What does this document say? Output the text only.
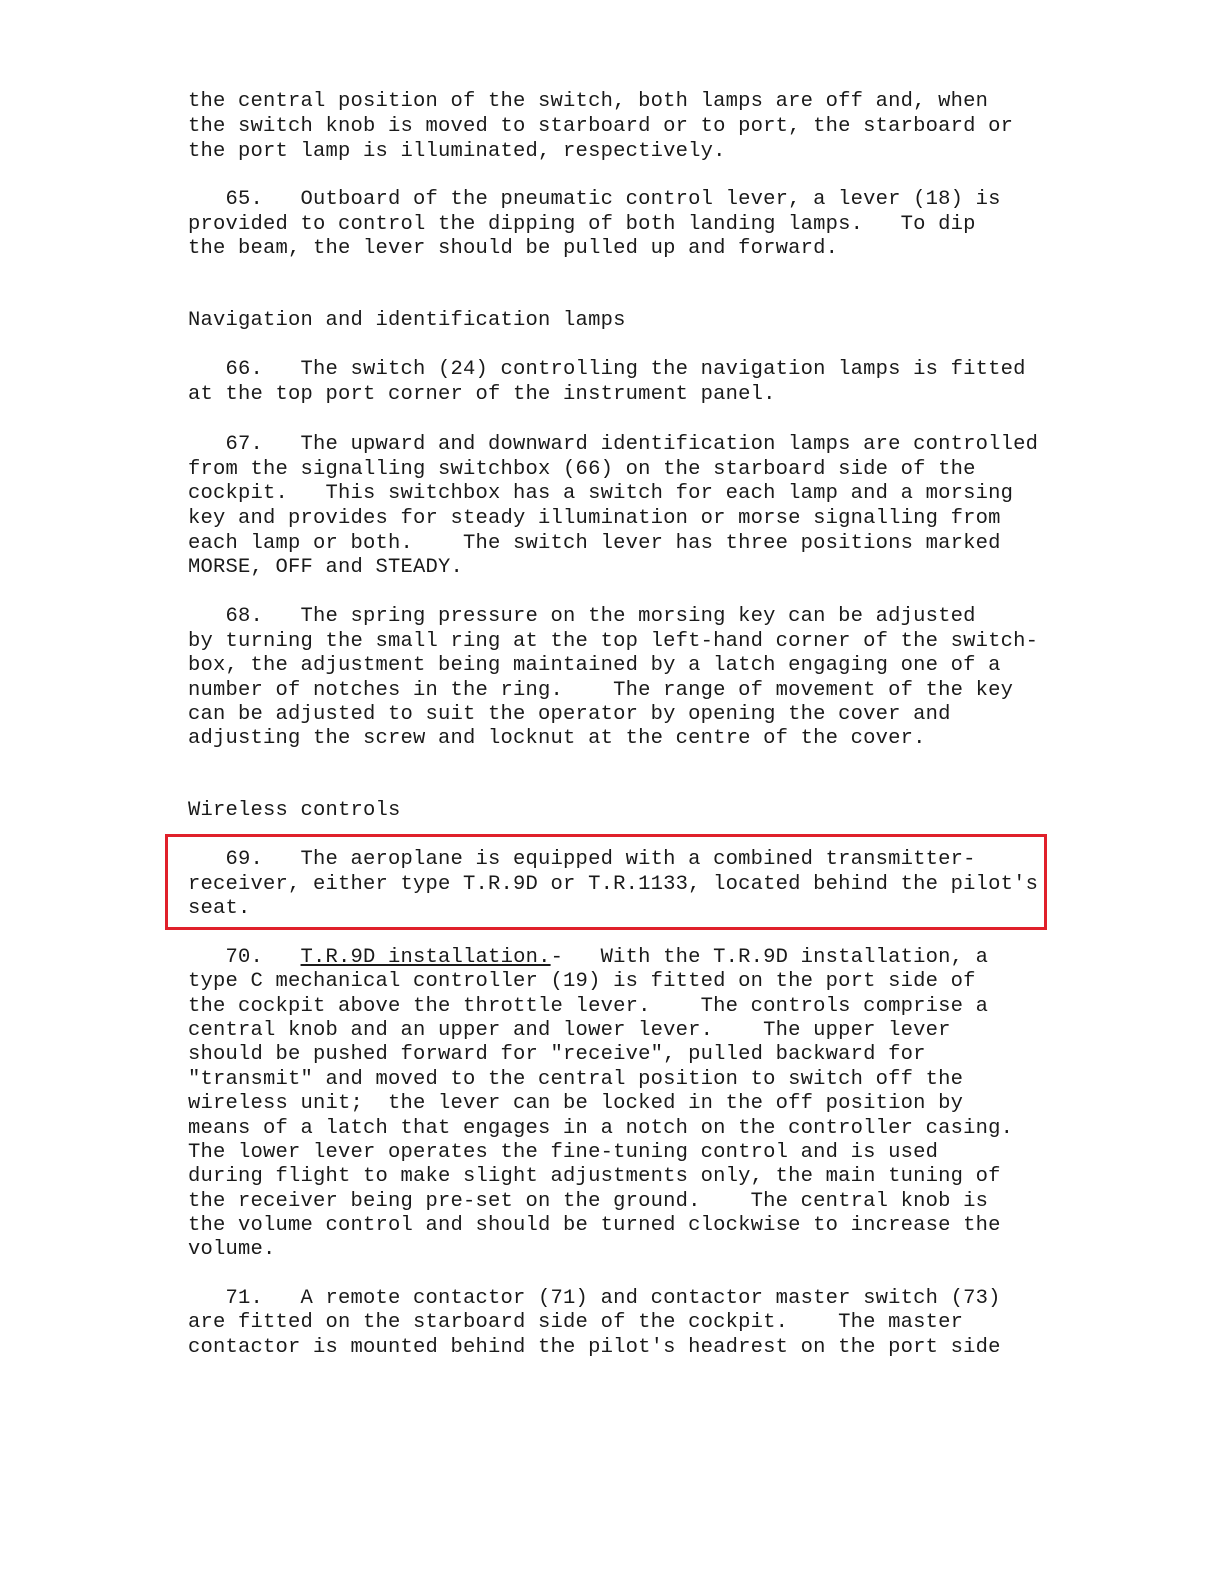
the central position of the switch, both lamps are off and, when
the switch knob is moved to starboard or to port, the starboard or
the port lamp is illuminated, respectively.
65.   Outboard of the pneumatic control lever, a lever (18) is
provided to control the dipping of both landing lamps.   To dip
the beam, the lever should be pulled up and forward.
Navigation and identification lamps
66.   The switch (24) controlling the navigation lamps is fitted
at the top port corner of the instrument panel.
67.   The upward and downward identification lamps are controlled
from the signalling switchbox (66) on the starboard side of the
cockpit.   This switchbox has a switch for each lamp and a morsing
key and provides for steady illumination or morse signalling from
each lamp or both.    The switch lever has three positions marked
MORSE, OFF and STEADY.
68.   The spring pressure on the morsing key can be adjusted
by turning the small ring at the top left-hand corner of the switch-
box, the adjustment being maintained by a latch engaging one of a
number of notches in the ring.    The range of movement of the key
can be adjusted to suit the operator by opening the cover and
adjusting the screw and locknut at the centre of the cover.
Wireless controls
69.   The aeroplane is equipped with a combined transmitter-
receiver, either type T.R.9D or T.R.1133, located behind the pilot's
seat.
70.   T.R.9D installation.-   With the T.R.9D installation, a
type C mechanical controller (19) is fitted on the port side of
the cockpit above the throttle lever.    The controls comprise a
central knob and an upper and lower lever.    The upper lever
should be pushed forward for "receive", pulled backward for
"transmit" and moved to the central position to switch off the
wireless unit;  the lever can be locked in the off position by
means of a latch that engages in a notch on the controller casing.
The lower lever operates the fine-tuning control and is used
during flight to make slight adjustments only, the main tuning of
the receiver being pre-set on the ground.    The central knob is
the volume control and should be turned clockwise to increase the
volume.
71.   A remote contactor (71) and contactor master switch (73)
are fitted on the starboard side of the cockpit.    The master
contactor is mounted behind the pilot's headrest on the port side
